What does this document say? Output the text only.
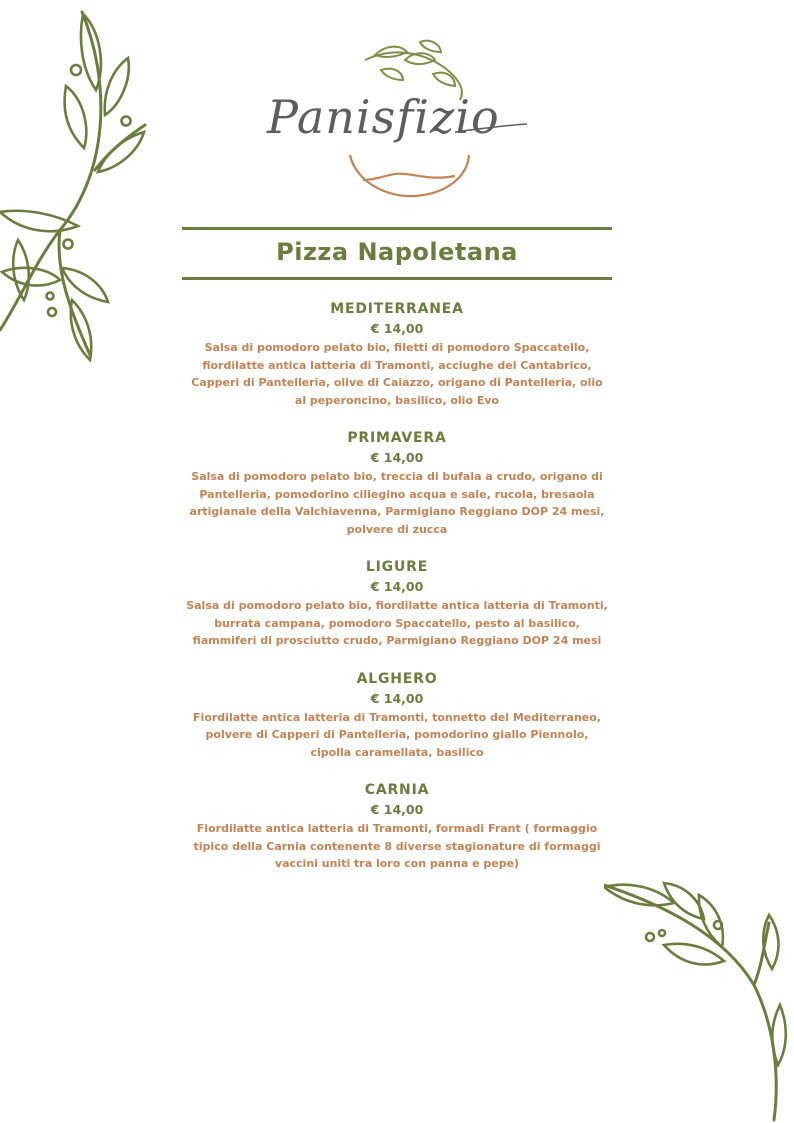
Panisfizio
Pizza Napoletana
MEDITERRANEA
€ 14,00
Salsa di pomodoro pelato bio, filetti di pomodoro Spaccatello, fiordilatte antica latteria di Tramonti, acciughe del Cantabrico, Capperi di Pantelleria, olive di Caiazzo, origano di Pantelleria, olio al peperoncino, basilico, olio Evo
PRIMAVERA
€ 14,00
Salsa di pomodoro pelato bio, treccia di bufala a crudo, origano di Pantelleria, pomodorino ciliegino acqua e sale, rucola, bresaola artigianale della Valchiavenna, Parmigiano Reggiano DOP 24 mesi, polvere di zucca
LIGURE
€ 14,00
Salsa di pomodoro pelato bio, fiordilatte antica latteria di Tramonti, burrata campana, pomodoro Spaccatello, pesto al basilico, fiammiferi di prosciutto crudo, Parmigiano Reggiano DOP 24 mesi
ALGHERO
€ 14,00
Fiordilatte antica latteria di Tramonti, tonnetto del Mediterraneo, polvere di Capperi di Pantelleria, pomodorino giallo Piennolo, cipolla caramellata, basilico
CARNIA
€ 14,00
Fiordilatte antica latteria di Tramonti, formadi Frant ( formaggio tipico della Carnia contenente 8 diverse stagionature di formaggi vaccini uniti tra loro con panna e pepe)
